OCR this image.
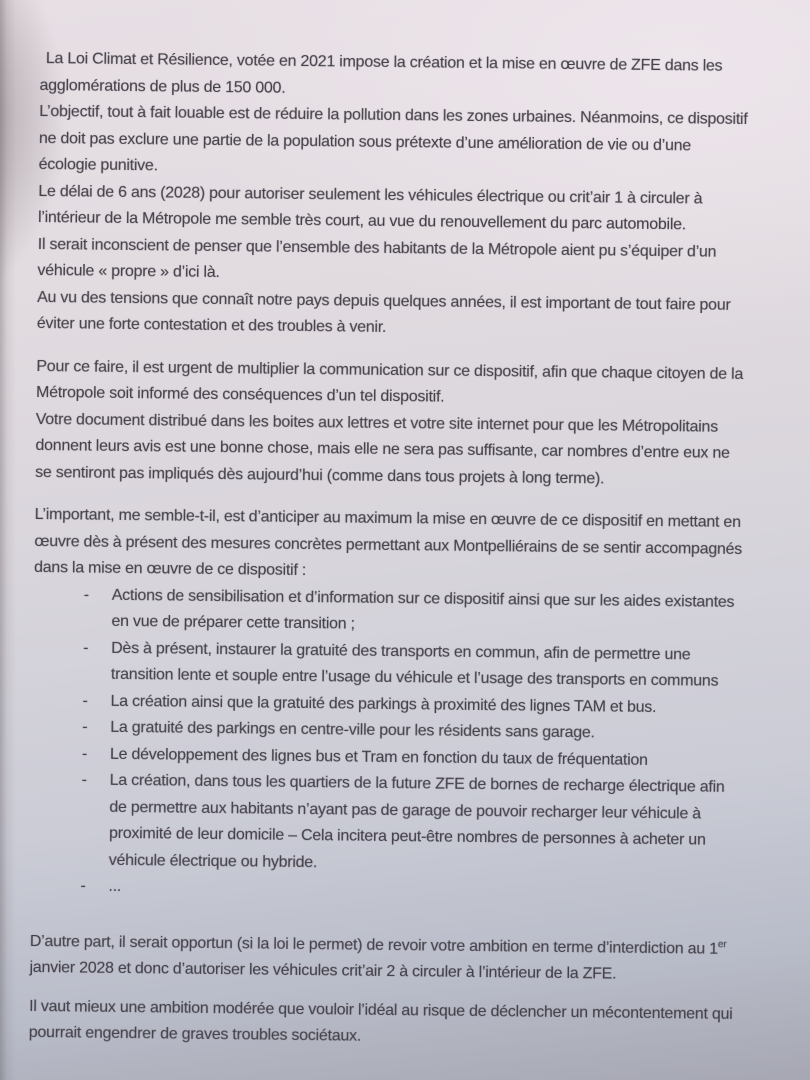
La Loi Climat et Résilience, votée en 2021 impose la création et la mise en œuvre de ZFE dans les agglomérations de plus de 150 000.

L’objectif, tout à fait louable est de réduire la pollution dans les zones urbaines. Néanmoins, ce dispositif ne doit pas exclure une partie de la population sous prétexte d’une amélioration de vie ou d’une écologie punitive.

Le délai de 6 ans (2028) pour autoriser seulement les véhicules électrique ou crit’air 1 à circuler à l’intérieur de la Métropole me semble très court, au vue du renouvellement du parc automobile.

Il serait inconscient de penser que l’ensemble des habitants de la Métropole aient pu s’équiper d’un véhicule « propre » d’ici là.

Au vu des tensions que connaît notre pays depuis quelques années, il est important de tout faire pour éviter une forte contestation et des troubles à venir.

Pour ce faire, il est urgent de multiplier la communication sur ce dispositif, afin que chaque citoyen de la Métropole soit informé des conséquences d’un tel dispositif.

Votre document distribué dans les boites aux lettres et votre site internet pour que les Métropolitains donnent leurs avis est une bonne chose, mais elle ne sera pas suffisante, car nombres d’entre eux ne se sentiront pas impliqués dès aujourd’hui (comme dans tous projets à long terme).

L’important, me semble-t-il, est d’anticiper au maximum la mise en œuvre de ce dispositif en mettant en œuvre dès à présent des mesures concrètes permettant aux Montpelliérains de se sentir accompagnés dans la mise en œuvre de ce dispositif :

-	Actions de sensibilisation et d’information sur ce dispositif ainsi que sur les aides existantes en vue de préparer cette transition ;
-	Dès à présent, instaurer la gratuité des transports en commun, afin de permettre une transition lente et souple entre l’usage du véhicule et l’usage des transports en communs
-	La création ainsi que la gratuité des parkings à proximité des lignes TAM et bus.
-	La gratuité des parkings en centre-ville pour les résidents sans garage.
-	Le développement des lignes bus et Tram en fonction du taux de fréquentation
-	La création, dans tous les quartiers de la future ZFE de bornes de recharge électrique afin de permettre aux habitants n’ayant pas de garage de pouvoir recharger leur véhicule à proximité de leur domicile – Cela incitera peut-être nombres de personnes à acheter un véhicule électrique ou hybride.
-	...

D’autre part, il serait opportun (si la loi le permet) de revoir votre ambition en terme d’interdiction au 1er janvier 2028 et donc d’autoriser les véhicules crit’air 2 à circuler à l’intérieur de la ZFE.

Il vaut mieux une ambition modérée que vouloir l’idéal au risque de déclencher un mécontentement qui pourrait engendrer de graves troubles sociétaux.
